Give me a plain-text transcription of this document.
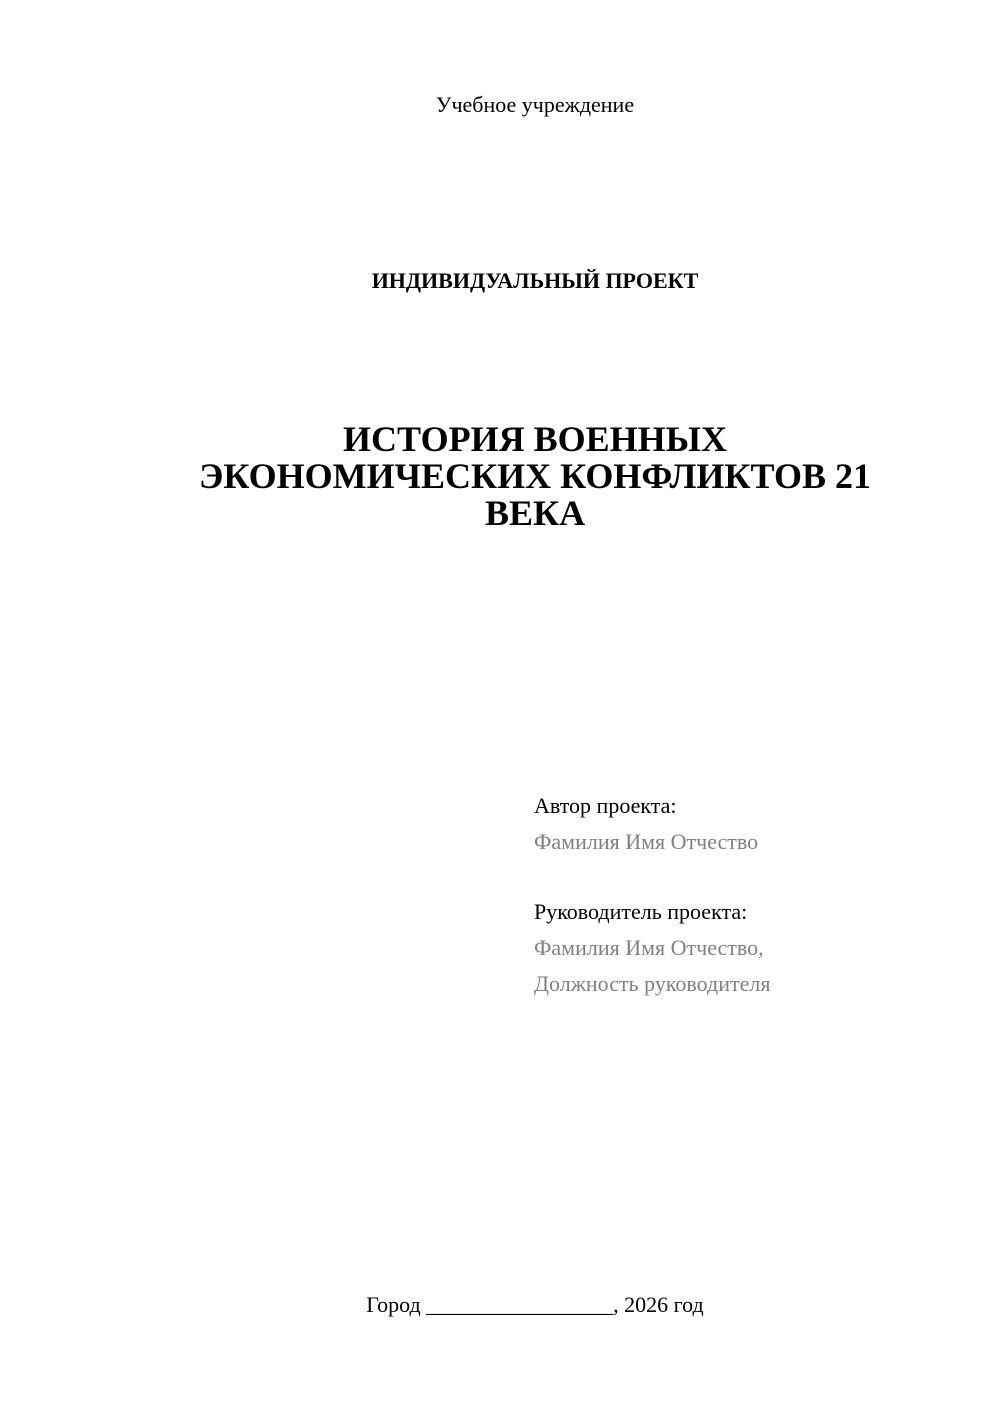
Учебное учреждение
ИНДИВИДУАЛЬНЫЙ ПРОЕКТ
ИСТОРИЯ ВОЕННЫХ
ЭКОНОМИЧЕСКИХ КОНФЛИКТОВ 21
ВЕКА
Автор проекта:
Фамилия Имя Отчество
Руководитель проекта:
Фамилия Имя Отчество,
Должность руководителя
Город _________________, 2026 год
